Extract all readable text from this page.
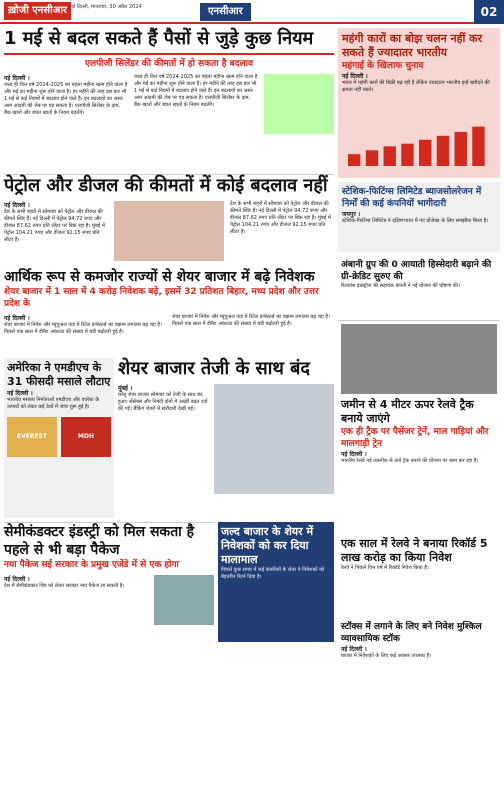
ख़ोजी एनसीआर नई दिल्ली, मंगलवार, 30 अप्रैल 2024	एनसीआर	02
1 मई से बदल सकते हैं पैसों से जुड़े कुछ नियम
एलपीजी सिलेंडर की कीमतों में हो सकता है बदलाव
नई दिल्ली ।
जल्द ही वित्त वर्ष 2024-2025 का पहला महीना खत्म होने वाला है और मई का महीना शुरू होने वाला है। हर महीने की तरह इस बार भी 1 मई से कई नियमों में बदलाव होने वाले हैं। इन बदलावों का असर आम आदमी की जेब पर पड़ सकता है। एलपीजी सिलेंडर के दाम, बैंक खातों और बचत खातों के नियम बदलेंगे।
जल्द ही वित्त वर्ष 2024-2025 का पहला महीना खत्म होने वाला है और मई का महीना शुरू होने वाला है। हर महीने की तरह इस बार भी 1 मई से कई नियमों में बदलाव होने वाले हैं। इन बदलावों का असर आम आदमी की जेब पर पड़ सकता है। एलपीजी सिलेंडर के दाम, बैंक खातों और बचत खातों के नियम बदलेंगे।
पेट्रोल और डीजल की कीमतों में कोई बदलाव नहीं
नई दिल्ली ।
देश के सभी शहरों में सोमवार को पेट्रोल और डीजल की कीमतें स्थिर हैं। नई दिल्ली में पेट्रोल 94.72 रुपए और डीजल 87.62 रुपए प्रति लीटर पर बिक रहा है। मुंबई में पेट्रोल 104.21 रुपए और डीजल 92.15 रुपए प्रति लीटर है।
देश के सभी शहरों में सोमवार को पेट्रोल और डीजल की कीमतें स्थिर हैं। नई दिल्ली में पेट्रोल 94.72 रुपए और डीजल 87.62 रुपए प्रति लीटर पर बिक रहा है। मुंबई में पेट्रोल 104.21 रुपए और डीजल 92.15 रुपए प्रति लीटर है।
आर्थिक रूप से कमजोर राज्यों से शेयर बाजार में बढ़े निवेशक
शेयर बाजार में 1 साल में 4 करोड़ निवेशक बढ़े, इसमें 32 प्रतिशत बिहार, मध्य प्रदेश और उत्तर प्रदेश के
नई दिल्ली ।
शेयर बाजार में निवेश और म्यूचुअल फंड में रिटेल इन्वेस्टर्स का रुझान लगातार बढ़ रहा है। पिछले एक साल में डीमैट अकाउंट की संख्या में बड़ी बढ़ोतरी हुई है।
शेयर बाजार में निवेश और म्यूचुअल फंड में रिटेल इन्वेस्टर्स का रुझान लगातार बढ़ रहा है। पिछले एक साल में डीमैट अकाउंट की संख्या में बड़ी बढ़ोतरी हुई है।
अमेरिका ने एमडीएच के 31 फीसदी मसाले लौटाए
नई दिल्ली ।
भारतीय मसाला निर्माताओं एमडीएच और एवरेस्ट के उत्पादों को लेकर कई देशों में जांच शुरू हुई है।
EVEREST	MDH
शेयर बाजार तेजी के साथ बंद
मुंबई ।
घरेलू शेयर बाजार सोमवार को तेजी के साथ बंद हुआ। सेंसेक्स और निफ्टी दोनों में अच्छी बढ़त दर्ज की गई। बैंकिंग शेयरों में खरीदारी देखी गई।
सेमीकंडक्टर इंडस्ट्री को मिल सकता है पहले से भी बड़ा पैकेज
नया पैकेज सई सरकार के प्रमुख एजेंडे में से एक होगा
नई दिल्ली ।
देश में सेमीकंडक्टर चिप को लेकर सरकार नया पैकेज ला सकती है।
जल्द बाजार के शेयर में निवेशकों को कर दिया मालामाल
पिछले कुछ समय में कई कंपनियों के शेयर ने निवेशकों को बेहतरीन रिटर्न दिया है।
महंगी कारों का बोझ चलन नहीं कर सकते हैं ज्यादातर भारतीय
महंगाई के खिलाफ चुनाव
नई दिल्ली ।
भारत में महंगी कारों की बिक्री बढ़ रही है लेकिन ज्यादातर भारतीय इन्हें खरीदने की क्षमता नहीं रखते।
स्टेशिक-फिटिंग्स लिमिटेड ब्याजसोलरेजन में निर्मों की कई कंपनियों भागीदारी
जयपुर ।
स्टेशिक-फिटिंग्स लिमिटेड ने दक्षिणभारत में नए प्रोजेक्ट के लिए समझौता किया है।
अंबानी ग्रुप की 0 आयाती हिस्सेदारी बढ़ाने की ग्री-क्रेडिट सुरुए की
रिलायंस इंडस्ट्रीज की सहायक कंपनी ने नई योजना की घोषणा की।
जमीन से 4 मीटर ऊपर रेलवे ट्रैक बनाये जाएंगे
एक ही ट्रैक पर पैसेंजर ट्रेनें, माल गाड़ियां और मालगाड़ी ट्रेन
नई दिल्ली ।
भारतीय रेलवे नई तकनीक से ऊंचे ट्रैक बनाने की योजना पर काम कर रहा है।
एक साल में रेलवे ने बनाया रिकॉर्ड 5 लाख करोड़ का किया निवेश
रेलवे ने पिछले वित्त वर्ष में रिकॉर्ड निवेश किया है।
स्टॉक्स में लगाने के लिए बने निवेश मुश्किल व्यावसायिक स्टॉक
नई दिल्ली ।
बाजार में निवेशकों के लिए कई अवसर उपलब्ध हैं।
